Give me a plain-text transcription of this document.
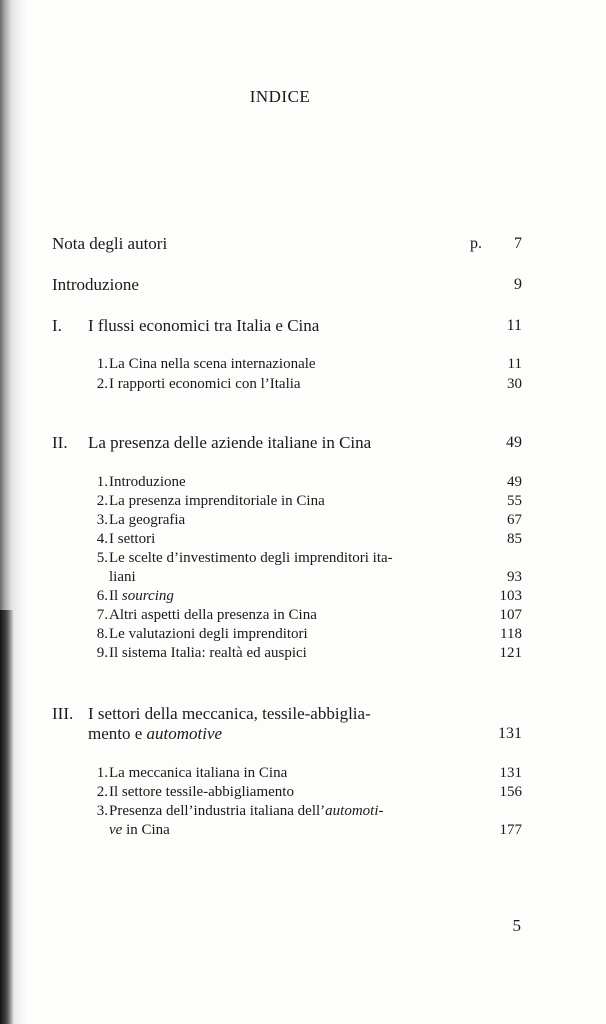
INDICE
Nota degli autori	p. 7
Introduzione	9
I. I flussi economici tra Italia e Cina	11
1. La Cina nella scena internazionale	11
2. I rapporti economici con l’Italia	30
II. La presenza delle aziende italiane in Cina	49
1. Introduzione	49
2. La presenza imprenditoriale in Cina	55
3. La geografia	67
4. I settori	85
5. Le scelte d’investimento degli imprenditori ita-
liani	93
6. Il sourcing	103
7. Altri aspetti della presenza in Cina	107
8. Le valutazioni degli imprenditori	118
9. Il sistema Italia: realtà ed auspici	121
III. I settori della meccanica, tessile-abbiglia-
mento e automotive	131
1. La meccanica italiana in Cina	131
2. Il settore tessile-abbigliamento	156
3. Presenza dell’industria italiana dell’automoti-
ve in Cina	177
5
